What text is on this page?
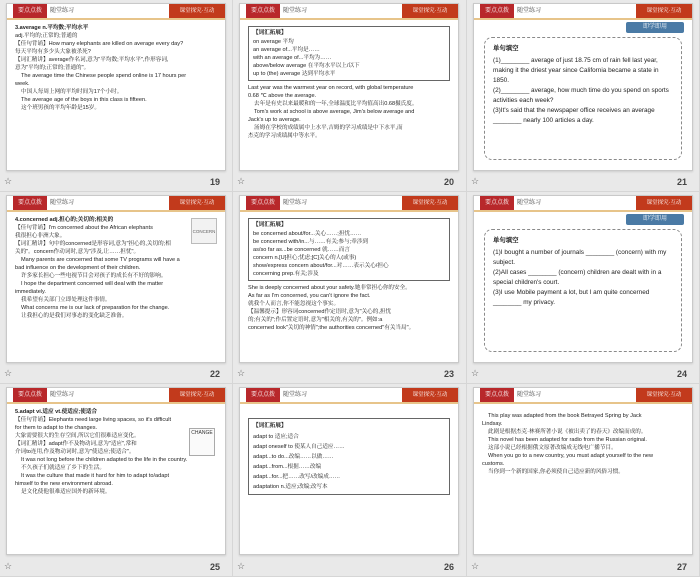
要点点拨	随堂练习	课堂探究·互动

3.average n.平均数;平均水平

adj.平均的;正常的;普通的

【佳句背诵】How many elephants are killed on average every day?

每天平均有多少头大象被杀死?

【词汇精讲】average作名词,意为"平均数;平均水平",作形容词,

意为"平均的;正常的;普通的"。

The average time the Chinese people spend online is 17 hours per

week.

中国人每周上网的平均时间为17个小时。

The average age of the boys in this class is fifteen.

这个班男孩的平均年龄是15岁。

☆	19
要点点拨	随堂练习	课堂探究·互动
【词汇拓展】

on average 平均

an average of...平均是……

with an average of...平均为……

above/below average 在平均水平以上/以下

up to (the) average 达到平均水平

Last year was the warmest year on record, with global temperature

0.68 ℃ above the average.

去年是有史以来最暖和的一年,全球温度比平均值高出0.68摄氏度。

Tom's work at school is above average, Jim's below average and

Jack's up to average.

汤姆在学校的成绩属中上水平,吉姆的学习成绩是中下水平,而

杰克的学习成绩属中等水平。

☆	20
要点点拨	随堂练习	课堂探究·互动
即学即用

单句填空

(1)________ average of just 18.75 cm of rain fell last year, making it the driest year since California became a state in 1850.

(2)________ average, how much time do you spend on sports activities each week?

(3)It's said that the newspaper office receives an average ________ nearly 100 articles a day.

☆	21
要点点拨	随堂练习	课堂探究·互动
CONCERN

4.concerned adj.担心的;关切的;相关的

【佳句背诵】I'm concerned about the African elephants

我很担心非洲大象。

【词汇精讲】句中的concerned是形容词,意为"担心的,关切的;相

关的"。concern作动词时,意为"涉及,让……担忧"。

Many parents are concerned that some TV programs will have a

bad influence on the development of their children.

许多家长担心一些电视节目会对孩子的成长有不好的影响。

I hope the department concerned will deal with the matter

immediately.

我希望有关部门立即处理这件事情。

What concerns me is our lack of preparation for the change.

让我担心的是我们对事态的变化缺乏准备。

☆	22
要点点拨	随堂练习	课堂探究·互动
【词汇拓展】

be concerned about/for...关心……;担忧……

be concerned with/in...与……有关;参与;牵涉到

as/so far as...be concerned 就……而言

concern n.[U]担心;忧虑;[C]关心的人(或事)

show/express concern about/for...对……表示关心/担心

concerning prep.有关;涉及

She is deeply concerned about your safety.她非常担心你的安全。

As far as I'm concerned, you can't ignore the fact.

就我个人而言,你不能忽视这个事实。

【温馨提示】形容词concerned作定语时,意为"关心的,担忧

的;有关的";作后置定语时,意为"相关的,有关的"。例如:a

concerned look"关切的神情";the authorities concerned"有关当局"。

☆	23
要点点拨	随堂练习	课堂探究·互动
即学即用

单句填空

(1)I bought a number of journals ________ (concern) with my subject.

(2)All cases ________ (concern) children are dealt with in a special children's court.

(3)I use Mobile payment a lot, but I am quite concerned ________ my privacy.

☆	24
要点点拨	随堂练习	课堂探究·互动
CHANGE

5.adapt vi.适应 vt.使适应;使适合

【佳句背诵】Elephants need large living spaces, so it's difficult

for them to adapt to the changes.

大象需要很大的生存空间,所以它们很难适应变化。

【词汇精讲】adapt作不及物动词,意为"适应",常和

介词to连用,作及物动词时,意为"使适应;使适合"。

It was not long before the children adapted to the life in the country.

不久孩子们就适应了乡下的生活。

It was the culture that made it hard for him to adapt to/adapt

himself to the new environment abroad.

是文化使他很难适应国外的新环境。

☆	25
要点点拨	随堂练习	课堂探究·互动
【词汇拓展】

adapt to 适应;适合

adapt oneself to 使某人自己适应……

adapt...to do...改编……以做……

adapt...from...根据……改编

adapt...for...把……改写/改编成……

adaptation n.适应;改编;改写本

☆	26
要点点拨	随堂练习	课堂探究·互动

This play was adapted from the book Betrayed Spring by Jack

Lindsay.

此剧是根据杰克·林赛所著小说《被出卖了的春天》改编而成的。

This novel has been adapted for radio from the Russian original.

这部小说已经根据俄文原著改编成无线电广播节目。

When you go to a new country, you must adapt yourself to the new

customs.

当你到一个新的国家,你必须使自己适应新的风俗习惯。

☆	27
